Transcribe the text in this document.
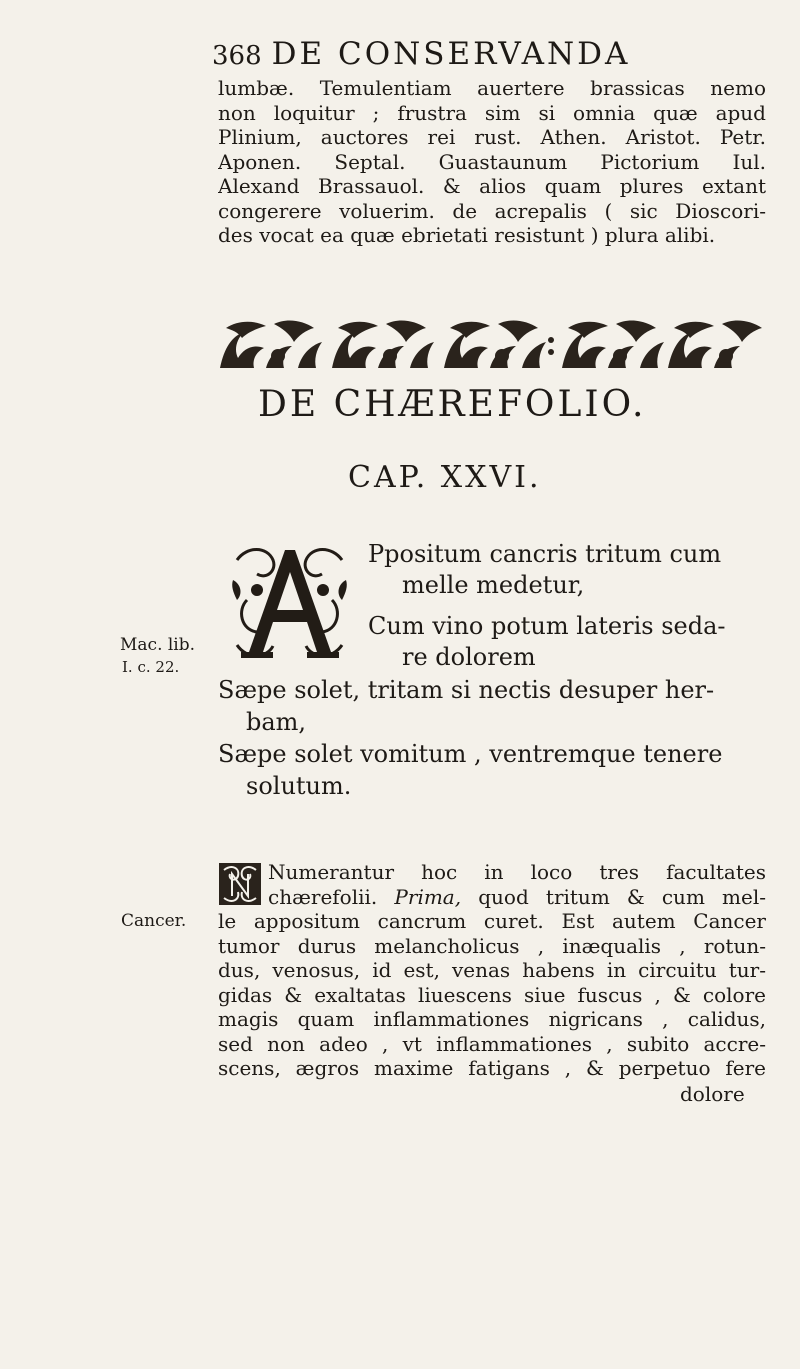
368 DE CONSERVANDA
lumbæ. Temulentiam auertere brassicas nemo
non loquitur ; frustra sim si omnia quæ apud
Plinium, auctores rei rust. Athen. Aristot. Petr.
Aponen. Septal. Guastaunum Pictorium Iul.
Alexand Brassauol. & alios quam plures extant
congerere voluerim. de acrepalis ( sic Dioscori-
des vocat ea quæ ebrietati resistunt ) plura alibi.
DE CHÆREFOLIO.
CAP. XXVI.
Ppositum cancris tritum cum
melle medetur,
Cum vino potum lateris seda-
re dolorem
Sæpe solet, tritam si nectis desuper her-
bam,
Sæpe solet vomitum , ventremque tenere
solutum.
Mac. lib.
I. c. 22.
Cancer.
Numerantur hoc in loco tres facultates
chærefolii. Prima, quod tritum & cum mel-
le appositum cancrum curet. Est autem Cancer
tumor durus melancholicus , inæqualis , rotun-
dus, venosus, id est, venas habens in circuitu tur-
gidas & exaltatas liuescens siue fuscus , & colore
magis quam inflammationes nigricans , calidus,
sed non adeo , vt inflammationes , subito accre-
scens, ægros maxime fatigans , & perpetuo fere
dolore
